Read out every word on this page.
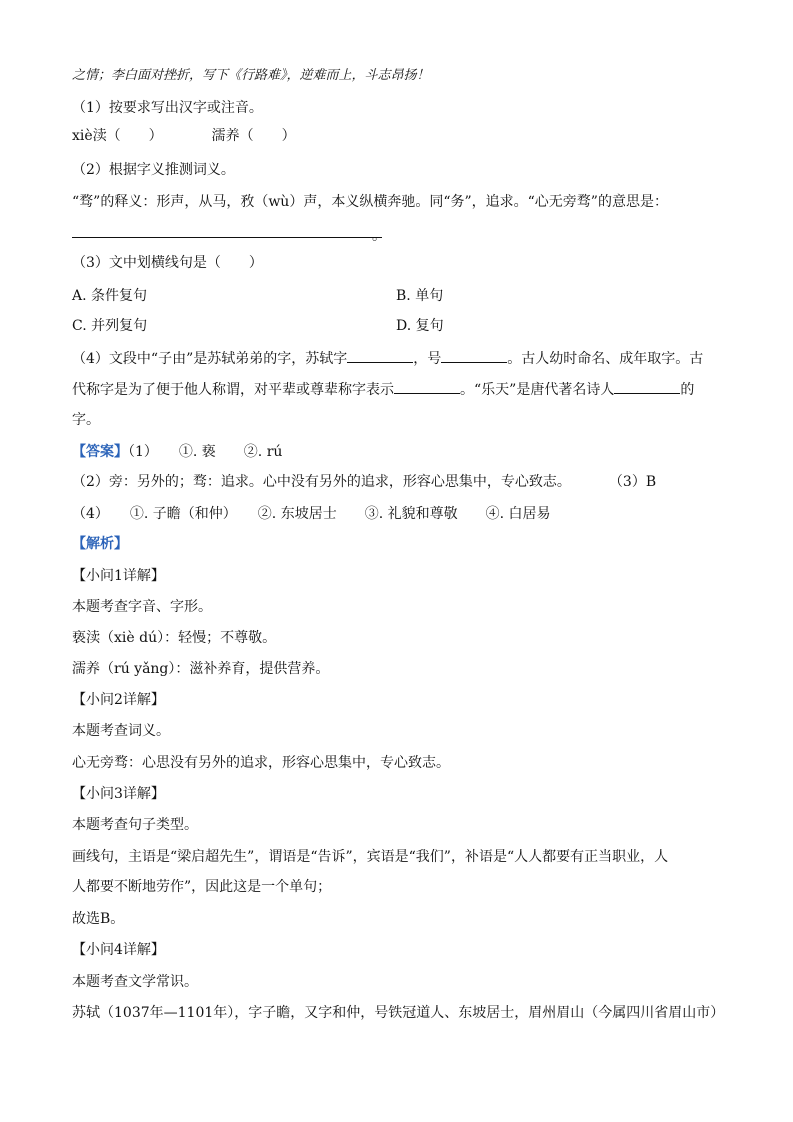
之情；李白面对挫折，写下《行路难》，逆难而上，斗志昂扬！
（1）按要求写出汉字或注音。
xiè渎（　　）	濡养（　　）
（2）根据字义推测词义。
“骛”的释义：形声，从马，敄（wù）声，本义纵横奔驰。同“务”，追求。“心无旁骛”的意思是：
。
（3）文中划横线句是（　　）
A. 条件复句	B. 单句
C. 并列复句	D. 复句
（4）文段中“子由”是苏轼弟弟的字，苏轼字	，号	。古人幼时命名、成年取字。古
代称字是为了便于他人称谓，对平辈或尊辈称字表示	。“乐天”是唐代著名诗人	的
字。
【答案】（1）　　①. 亵　　②. rú
（2）旁：另外的；骛：追求。心中没有另外的追求，形容心思集中，专心致志。	（3）B
（4）　　①. 子瞻（和仲）　　②. 东坡居士　　③. 礼貌和尊敬　　④. 白居易
【解析】
【小问1详解】
本题考查字音、字形。
亵渎（xiè dú）：轻慢；不尊敬。
濡养（rú yǎng）：滋补养育，提供营养。
【小问2详解】
本题考查词义。
心无旁骛：心思没有另外的追求，形容心思集中，专心致志。
【小问3详解】
本题考查句子类型。
画线句，主语是“梁启超先生”，谓语是“告诉”，宾语是“我们”，补语是“人人都要有正当职业，人
人都要不断地劳作”，因此这是一个单句；
故选B。
【小问4详解】
本题考查文学常识。
苏轼（1037年—1101年），字子瞻，又字和仲，号铁冠道人、东坡居士，眉州眉山（今属四川省眉山市）
